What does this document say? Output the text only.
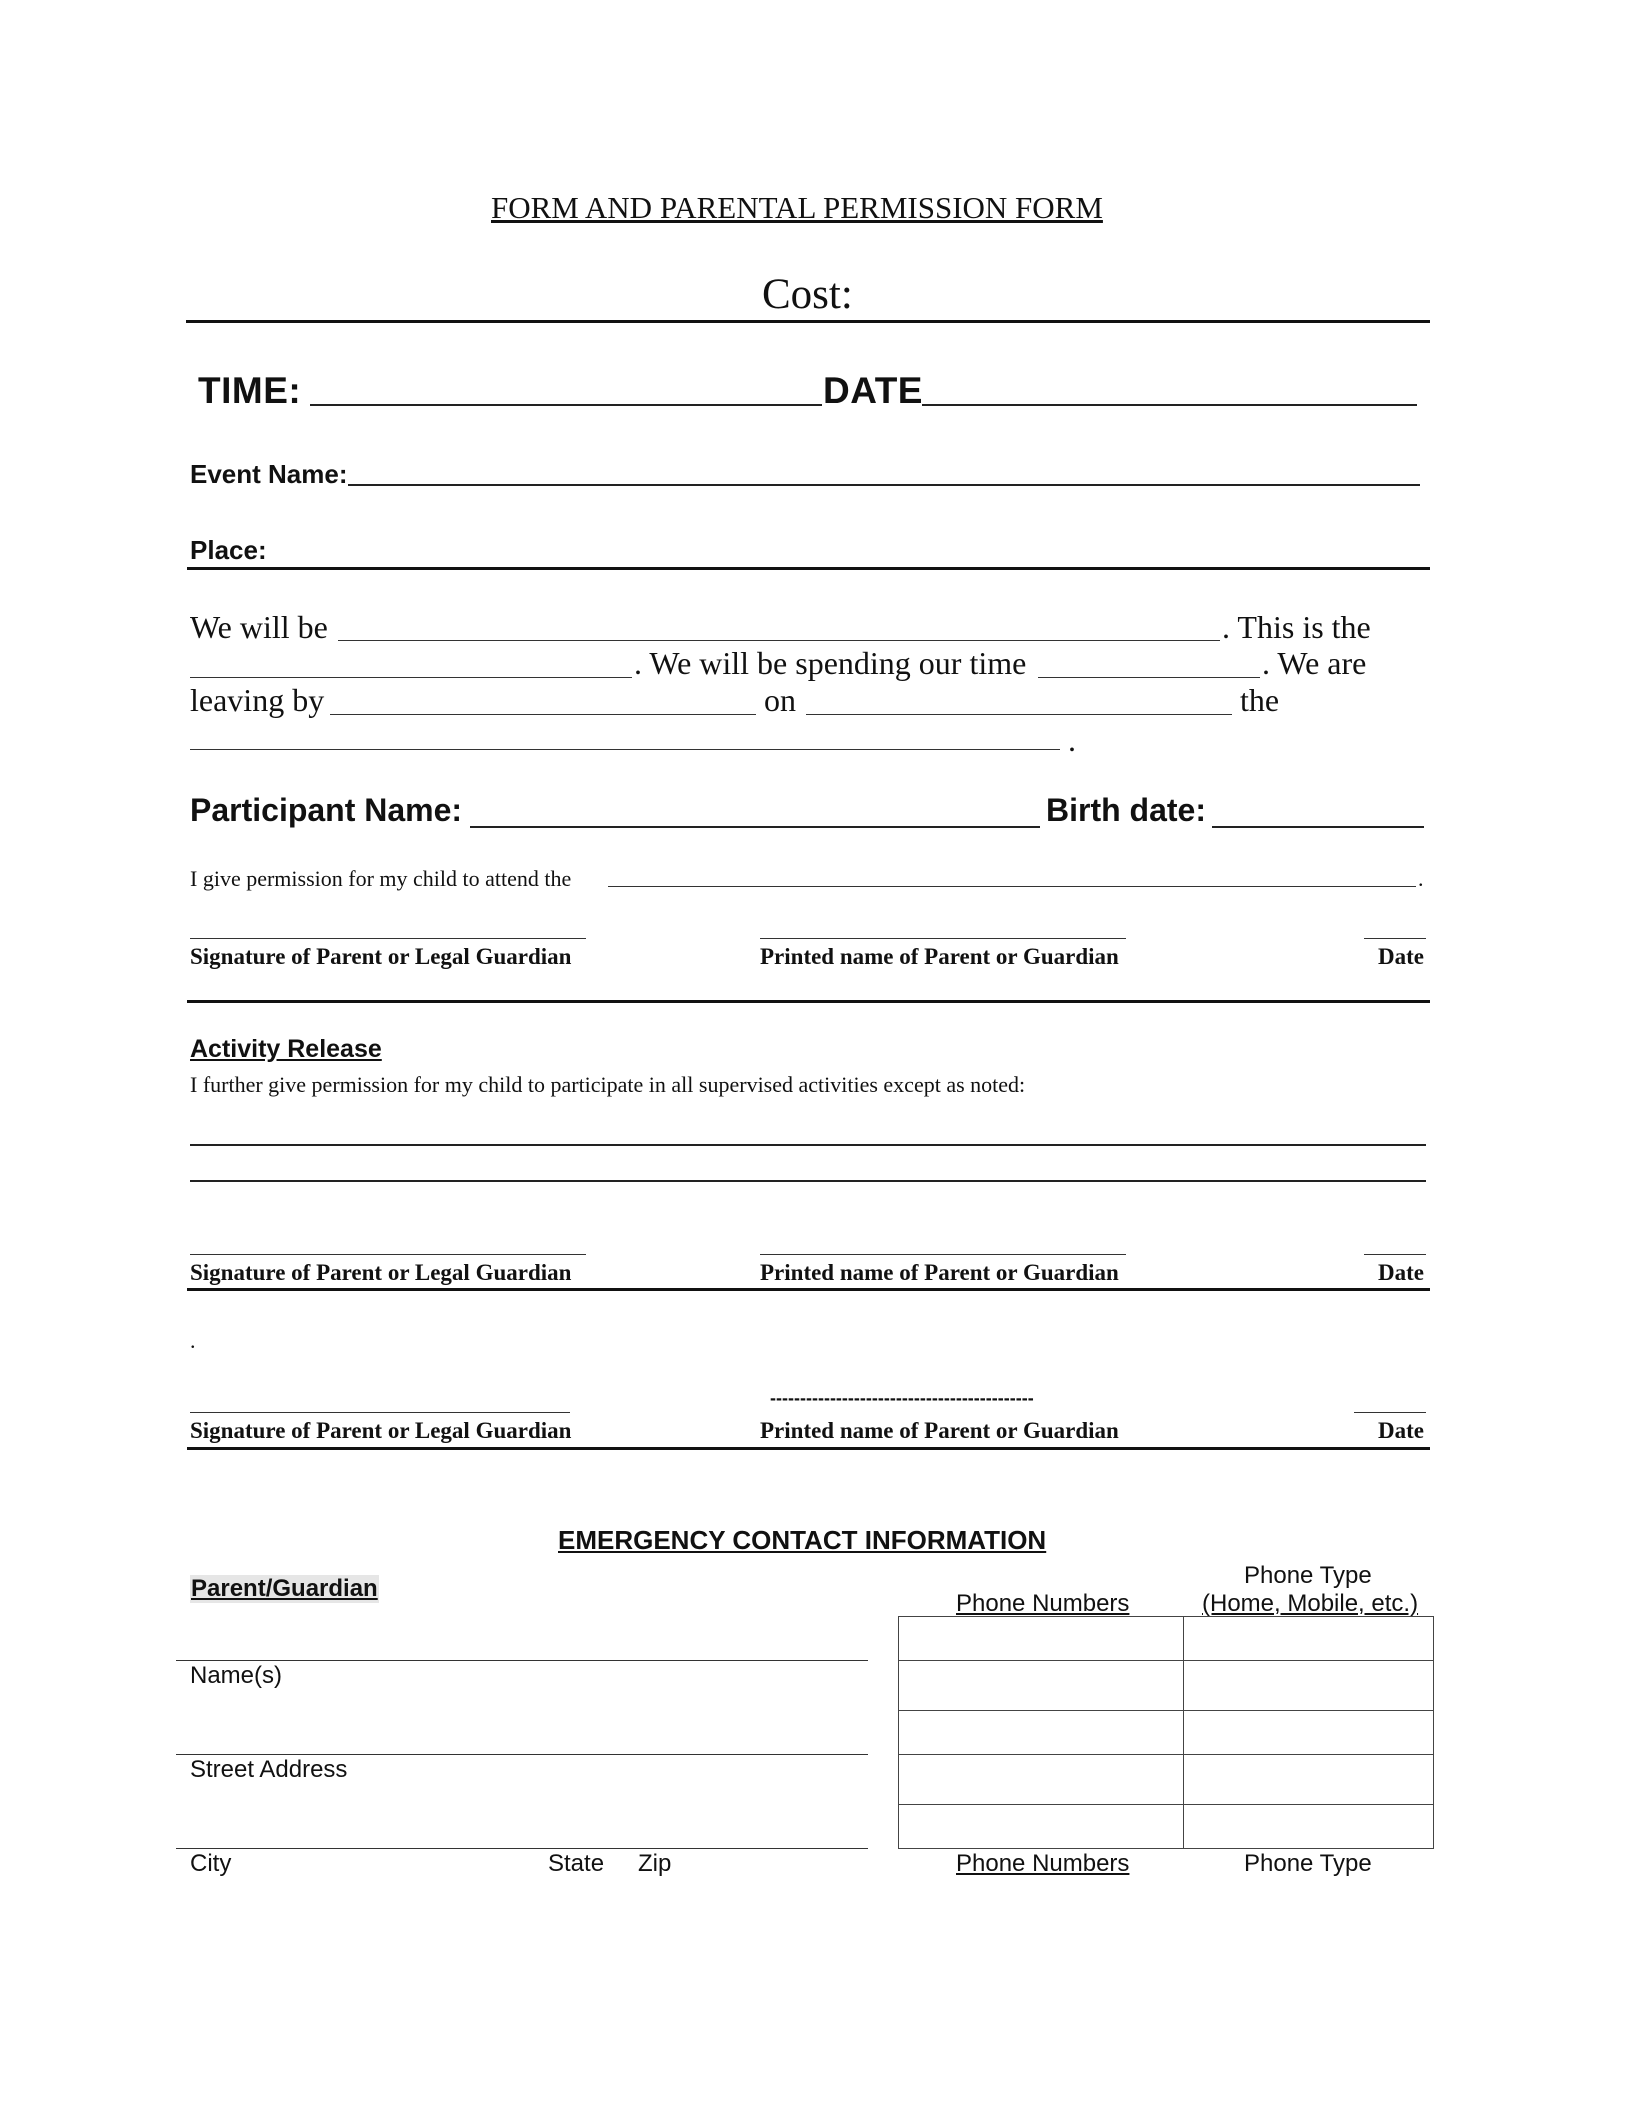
FORM AND PARENTAL PERMISSION FORM
Cost:
TIME:	DATE
Event Name:
Place:
We will be	. This is the
. We will be spending our time	. We are
leaving by	on	the
.
Participant Name:	Birth date:
I give permission for my child to attend the	.
Signature of Parent or Legal Guardian	Printed name of Parent or Guardian	Date
Activity Release
I further give permission for my child to participate in all supervised activities except as noted:
Signature of Parent or Legal Guardian	Printed name of Parent or Guardian	Date
.
--------------------------------------------
Signature of Parent or Legal Guardian	Printed name of Parent or Guardian	Date
EMERGENCY CONTACT INFORMATION
Parent/Guardian
Phone Numbers
Phone Type
(Home, Mobile, etc.)
Name(s)
Street Address
City	State Zip

		Phone Numbers	Phone Type
